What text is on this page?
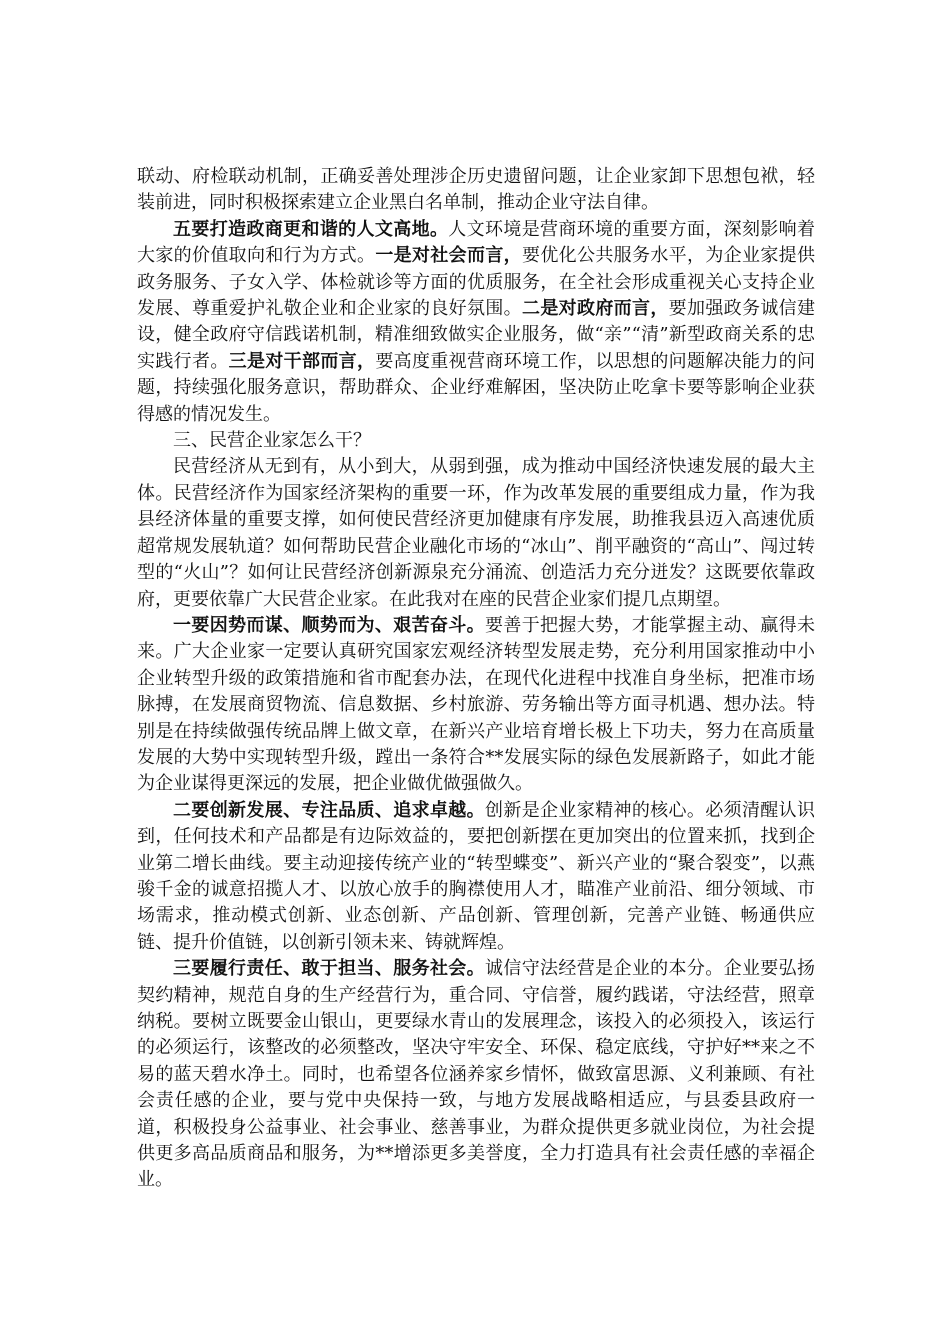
联动、府检联动机制，正确妥善处理涉企历史遗留问题，让企业家卸下思想包袱，轻装前进，同时积极探索建立企业黑白名单制，推动企业守法自律。

五要打造政商更和谐的人文高地。人文环境是营商环境的重要方面，深刻影响着大家的价值取向和行为方式。一是对社会而言，要优化公共服务水平，为企业家提供政务服务、子女入学、体检就诊等方面的优质服务，在全社会形成重视关心支持企业发展、尊重爱护礼敬企业和企业家的良好氛围。二是对政府而言，要加强政务诚信建设，健全政府守信践诺机制，精准细致做实企业服务，做“亲”“清”新型政商关系的忠实践行者。三是对干部而言，要高度重视营商环境工作，以思想的问题解决能力的问题，持续强化服务意识，帮助群众、企业纾难解困，坚决防止吃拿卡要等影响企业获得感的情况发生。

三、民营企业家怎么干？

民营经济从无到有，从小到大，从弱到强，成为推动中国经济快速发展的最大主体。民营经济作为国家经济架构的重要一环，作为改革发展的重要组成力量，作为我县经济体量的重要支撑，如何使民营经济更加健康有序发展，助推我县迈入高速优质超常规发展轨道？如何帮助民营企业融化市场的“冰山”、削平融资的“高山”、闯过转型的“火山”？如何让民营经济创新源泉充分涌流、创造活力充分迸发？这既要依靠政府，更要依靠广大民营企业家。在此我对在座的民营企业家们提几点期望。

一要因势而谋、顺势而为、艰苦奋斗。要善于把握大势，才能掌握主动、赢得未来。广大企业家一定要认真研究国家宏观经济转型发展走势，充分利用国家推动中小企业转型升级的政策措施和省市配套办法，在现代化进程中找准自身坐标，把准市场脉搏，在发展商贸物流、信息数据、乡村旅游、劳务输出等方面寻机遇、想办法。特别是在持续做强传统品牌上做文章，在新兴产业培育增长极上下功夫，努力在高质量发展的大势中实现转型升级，蹚出一条符合**发展实际的绿色发展新路子，如此才能为企业谋得更深远的发展，把企业做优做强做久。

二要创新发展、专注品质、追求卓越。创新是企业家精神的核心。必须清醒认识到，任何技术和产品都是有边际效益的，要把创新摆在更加突出的位置来抓，找到企业第二增长曲线。要主动迎接传统产业的“转型蝶变”、新兴产业的“聚合裂变”，以燕骏千金的诚意招揽人才、以放心放手的胸襟使用人才，瞄准产业前沿、细分领域、市场需求，推动模式创新、业态创新、产品创新、管理创新，完善产业链、畅通供应链、提升价值链，以创新引领未来、铸就辉煌。

三要履行责任、敢于担当、服务社会。诚信守法经营是企业的本分。企业要弘扬契约精神，规范自身的生产经营行为，重合同、守信誉，履约践诺，守法经营，照章纳税。要树立既要金山银山，更要绿水青山的发展理念，该投入的必须投入，该运行的必须运行，该整改的必须整改，坚决守牢安全、环保、稳定底线，守护好**来之不易的蓝天碧水净土。同时，也希望各位涵养家乡情怀，做致富思源、义利兼顾、有社会责任感的企业，要与党中央保持一致，与地方发展战略相适应，与县委县政府一道，积极投身公益事业、社会事业、慈善事业，为群众提供更多就业岗位，为社会提供更多高品质商品和服务，为**增添更多美誉度，全力打造具有社会责任感的幸福企业。
